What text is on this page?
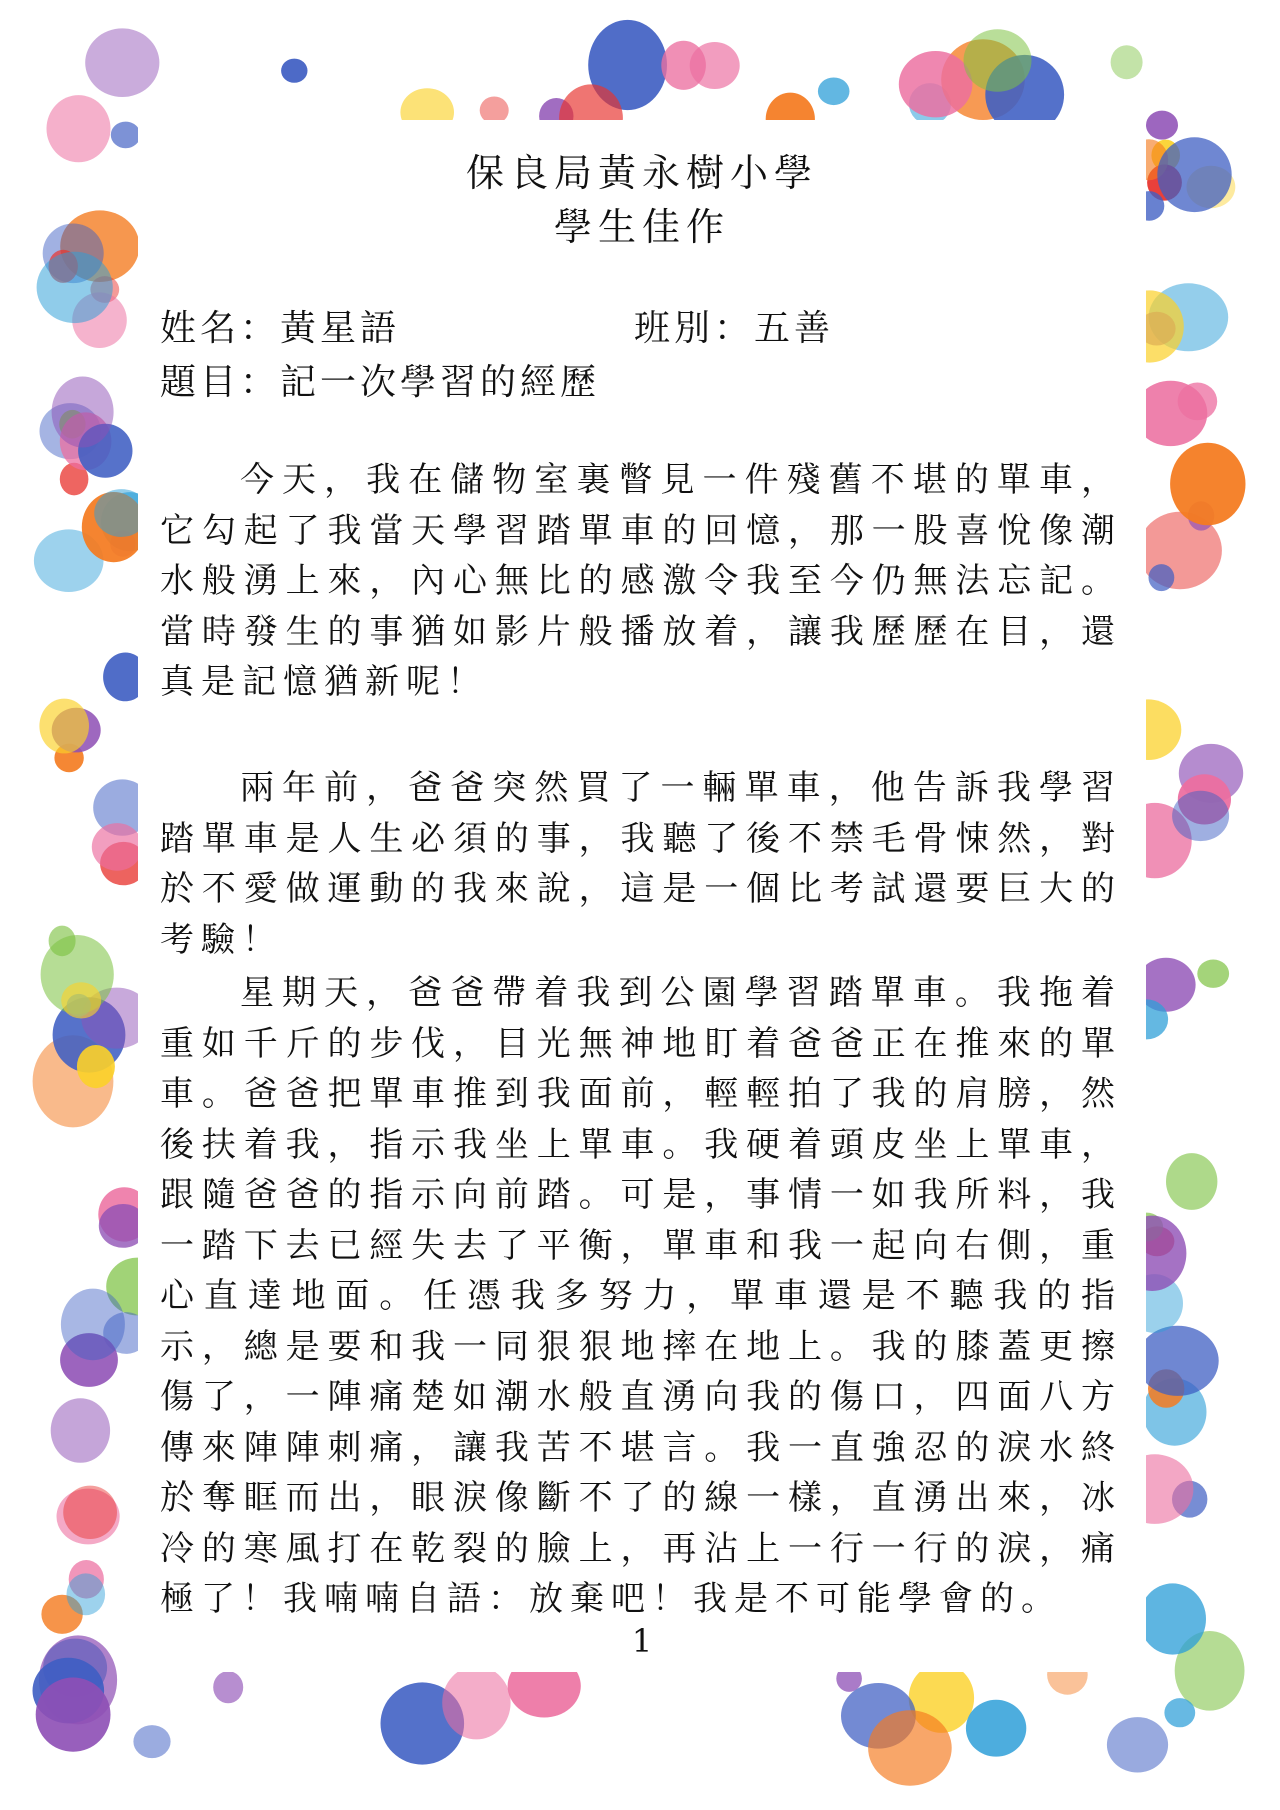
保良局黃永樹小學
學生佳作
姓名：黃星語	班別：五善
題目：記一次學習的經歷

今天，我在儲物室裏瞥見一件殘舊不堪的單車，它勾起了我當天學習踏單車的回憶，那一股喜悅像潮水般湧上來，內心無比的感激令我至今仍無法忘記。當時發生的事猶如影片般播放着，讓我歷歷在目，還真是記憶猶新呢！

兩年前，爸爸突然買了一輛單車，他告訴我學習踏單車是人生必須的事，我聽了後不禁毛骨悚然，對於不愛做運動的我來說，這是一個比考試還要巨大的考驗！

星期天，爸爸帶着我到公園學習踏單車。我拖着重如千斤的步伐，目光無神地盯着爸爸正在推來的單車。爸爸把單車推到我面前，輕輕拍了我的肩膀，然後扶着我，指示我坐上單車。我硬着頭皮坐上單車，跟隨爸爸的指示向前踏。可是，事情一如我所料，我一踏下去已經失去了平衡，單車和我一起向右側，重心直達地面。任憑我多努力，單車還是不聽我的指示，總是要和我一同狠狠地摔在地上。我的膝蓋更擦傷了，一陣痛楚如潮水般直湧向我的傷口，四面八方傳來陣陣刺痛，讓我苦不堪言。我一直強忍的淚水終於奪眶而出，眼淚像斷不了的線一樣，直湧出來，冰冷的寒風打在乾裂的臉上，再沾上一行一行的淚，痛極了！我喃喃自語：放棄吧！我是不可能學會的。

1
